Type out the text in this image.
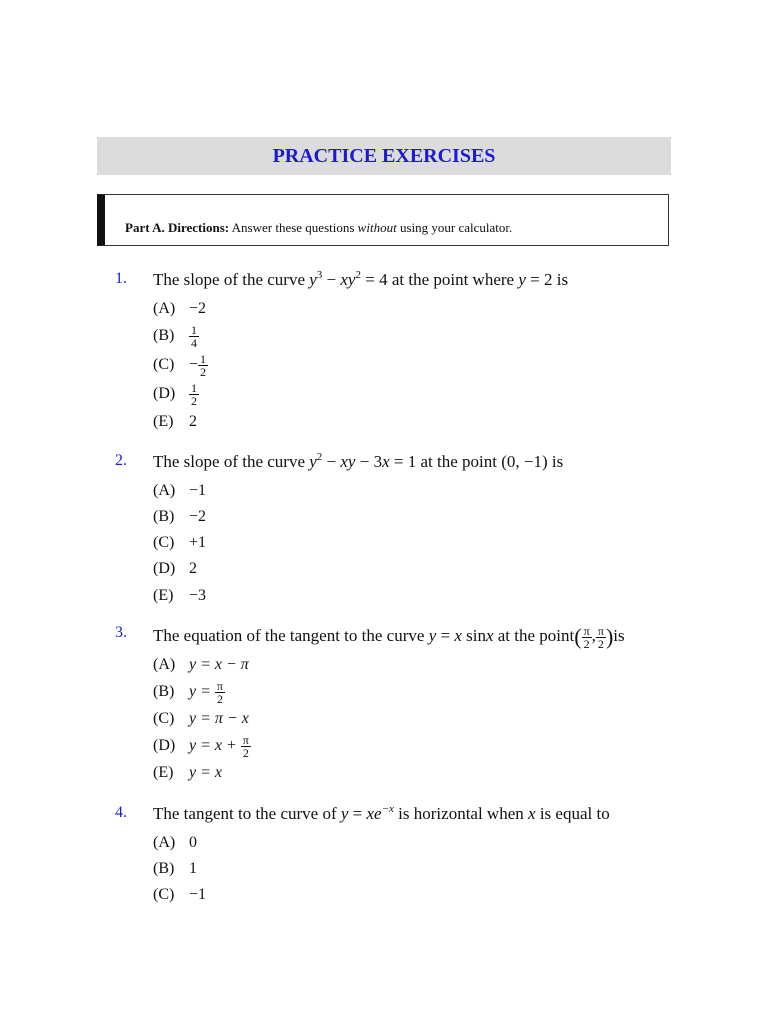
PRACTICE EXERCISES
Part A. Directions: Answer these questions without using your calculator.
1. The slope of the curve $y^3 - xy^2 = 4$ at the point where y = 2 is
(A) −2
(B)	$\frac{1}{4}$
$(C) - \frac{1}{2}$
(D)	$\frac{1}{2}$
(E) 2
2. The slope of the curve $y^2$ − xy − 3x = 1 at the point (0, −1) is
(A) −1
(B) −2
(C) +1
(D) 2
(E) −3
3. The equation of the tangent to the curve y = x sinx at the point( $\frac{\pi}{2}$ , $\frac{\pi}{2} )is$
(A) y = x − π
(B) y =
$\frac{\pi}{2}$
(C) y = π − x
(D) y = x +
$\frac{\pi}{2}$
(E) y = x
4. The tangent to the curve of $y = xe^{-x}$ is horizontal when x is equal to
(A) 0
(B) 1
(C) −1
